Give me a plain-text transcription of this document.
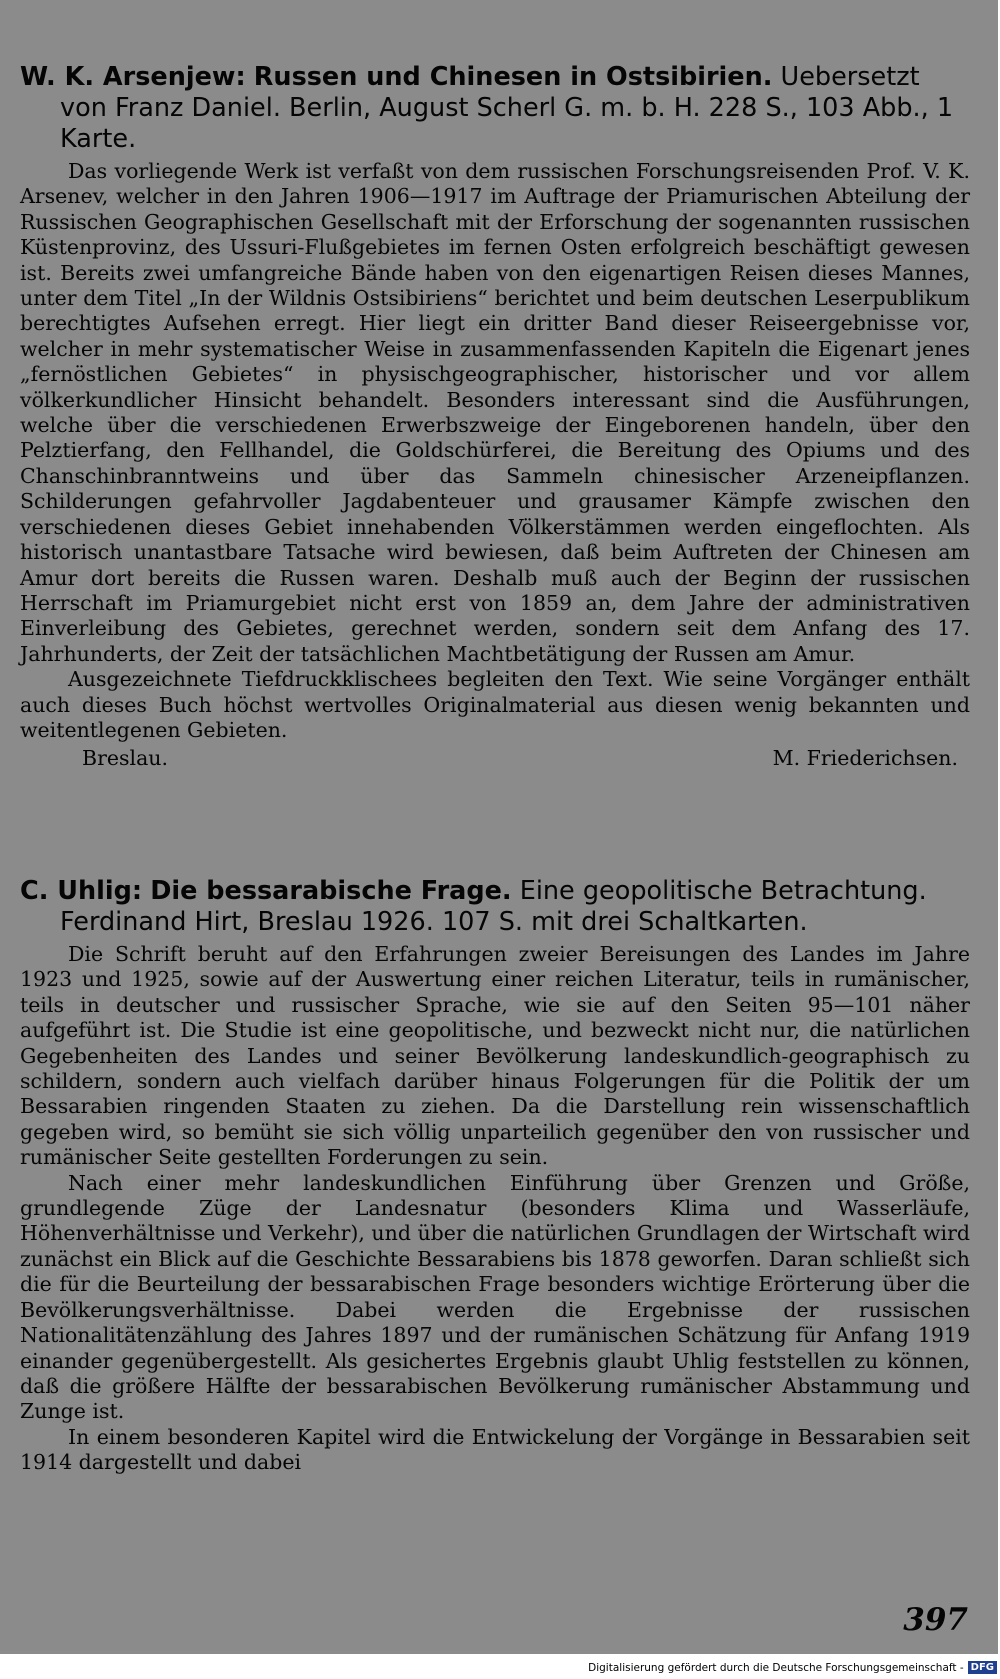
W. K. Arsenjew: Russen und Chinesen in Ostsibirien. Uebersetzt von Franz Daniel. Berlin, August Scherl G. m. b. H. 228 S., 103 Abb., 1 Karte.

Das vorliegende Werk ist verfaßt von dem russischen Forschungsreisenden Prof. V. K. Arsenev, welcher in den Jahren 1906—1917 im Auftrage der Priamurischen Abteilung der Russischen Geographischen Gesellschaft mit der Erforschung der sogenannten russischen Küstenprovinz, des Ussuri-Flußgebietes im fernen Osten erfolgreich beschäftigt gewesen ist. Bereits zwei umfangreiche Bände haben von den eigenartigen Reisen dieses Mannes, unter dem Titel „In der Wildnis Ostsibiriens“ berichtet und beim deutschen Leserpublikum berechtigtes Aufsehen erregt. Hier liegt ein dritter Band dieser Reiseergebnisse vor, welcher in mehr systematischer Weise in zusammenfassenden Kapiteln die Eigenart jenes „fernöstlichen Gebietes“ in physischgeographischer, historischer und vor allem völkerkundlicher Hinsicht behandelt. Besonders interessant sind die Ausführungen, welche über die verschiedenen Erwerbszweige der Eingeborenen handeln, über den Pelztierfang, den Fellhandel, die Goldschürferei, die Bereitung des Opiums und des Chanschinbranntweins und über das Sammeln chinesischer Arzeneipflanzen. Schilderungen gefahrvoller Jagdabenteuer und grausamer Kämpfe zwischen den verschiedenen dieses Gebiet innehabenden Völkerstämmen werden eingeflochten. Als historisch unantastbare Tatsache wird bewiesen, daß beim Auftreten der Chinesen am Amur dort bereits die Russen waren. Deshalb muß auch der Beginn der russischen Herrschaft im Priamurgebiet nicht erst von 1859 an, dem Jahre der administrativen Einverleibung des Gebietes, gerechnet werden, sondern seit dem Anfang des 17. Jahrhunderts, der Zeit der tatsächlichen Machtbetätigung der Russen am Amur.

Ausgezeichnete Tiefdruckklischees begleiten den Text. Wie seine Vorgänger enthält auch dieses Buch höchst wertvolles Originalmaterial aus diesen wenig bekannten und weitentlegenen Gebieten.

Breslau.	M. Friederichsen.

C. Uhlig: Die bessarabische Frage. Eine geopolitische Betrachtung. Ferdinand Hirt, Breslau 1926. 107 S. mit drei Schaltkarten.

Die Schrift beruht auf den Erfahrungen zweier Bereisungen des Landes im Jahre 1923 und 1925, sowie auf der Auswertung einer reichen Literatur, teils in rumänischer, teils in deutscher und russischer Sprache, wie sie auf den Seiten 95—101 näher aufgeführt ist. Die Studie ist eine geopolitische, und bezweckt nicht nur, die natürlichen Gegebenheiten des Landes und seiner Bevölkerung landeskundlich-geographisch zu schildern, sondern auch vielfach darüber hinaus Folgerungen für die Politik der um Bessarabien ringenden Staaten zu ziehen. Da die Darstellung rein wissenschaftlich gegeben wird, so bemüht sie sich völlig unparteilich gegenüber den von russischer und rumänischer Seite gestellten Forderungen zu sein.

Nach einer mehr landeskundlichen Einführung über Grenzen und Größe, grundlegende Züge der Landesnatur (besonders Klima und Wasserläufe, Höhenverhältnisse und Verkehr), und über die natürlichen Grundlagen der Wirtschaft wird zunächst ein Blick auf die Geschichte Bessarabiens bis 1878 geworfen. Daran schließt sich die für die Beurteilung der bessarabischen Frage besonders wichtige Erörterung über die Bevölkerungsverhältnisse. Dabei werden die Ergebnisse der russischen Nationalitätenzählung des Jahres 1897 und der rumänischen Schätzung für Anfang 1919 einander gegenübergestellt. Als gesichertes Ergebnis glaubt Uhlig feststellen zu können, daß die größere Hälfte der bessarabischen Bevölkerung rumänischer Abstammung und Zunge ist.

In einem besonderen Kapitel wird die Entwickelung der Vorgänge in Bessarabien seit 1914 dargestellt und dabei

397
Digitalisierung gefördert durch die Deutsche Forschungsgemeinschaft - DFG
